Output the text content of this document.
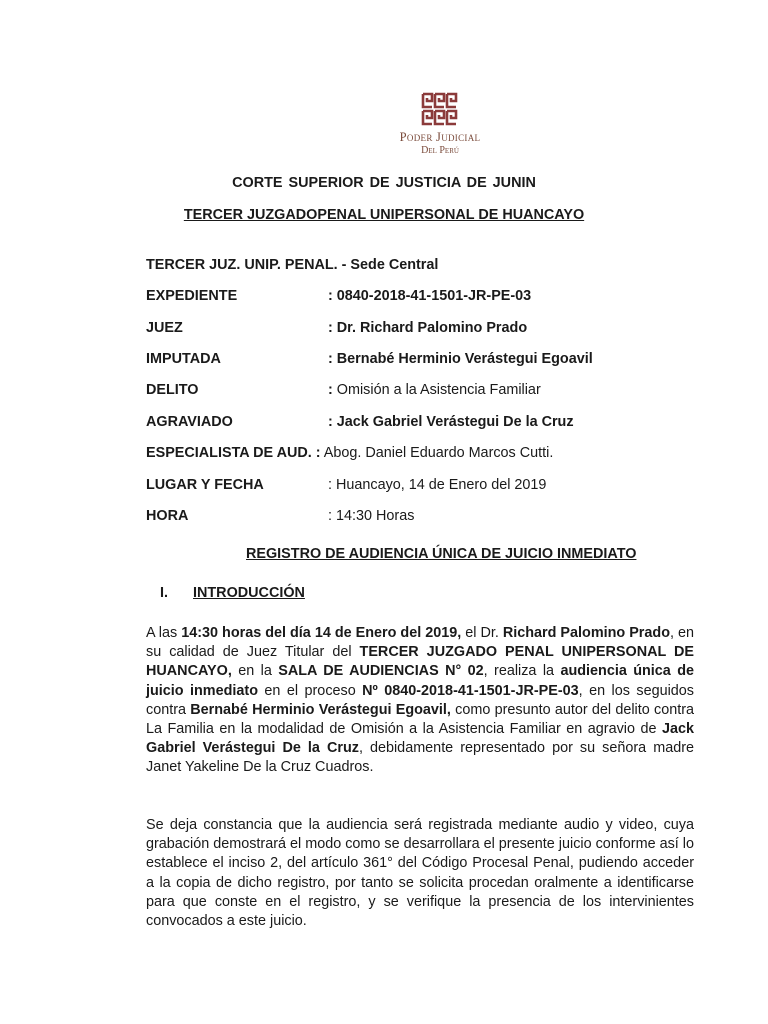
Poder Judicial
Del Perú
CORTE SUPERIOR DE JUSTICIA DE JUNIN
TERCER JUZGADOPENAL UNIPERSONAL DE HUANCAYO
TERCER JUZ. UNIP. PENAL. - Sede Central
EXPEDIENTE	: 0840-2018-41-1501-JR-PE-03
JUEZ	: Dr. Richard Palomino Prado
IMPUTADA	: Bernabé Herminio Verástegui Egoavil
DELITO	: Omisión a la Asistencia Familiar
AGRAVIADO	: Jack Gabriel Verástegui De la Cruz
ESPECIALISTA DE AUD. : Abog. Daniel Eduardo Marcos Cutti.
LUGAR Y FECHA	: Huancayo, 14 de Enero del 2019
HORA	: 14:30 Horas
REGISTRO DE AUDIENCIA ÚNICA DE JUICIO INMEDIATO
I. INTRODUCCIÓN
A las 14:30 horas del día 14 de Enero del 2019, el Dr. Richard Palomino Prado, en su calidad de Juez Titular del TERCER JUZGADO PENAL UNIPERSONAL DE HUANCAYO, en la SALA DE AUDIENCIAS N° 02, realiza la audiencia única de juicio inmediato en el proceso Nº 0840-2018-41-1501-JR-PE-03, en los seguidos contra Bernabé Herminio Verástegui Egoavil, como presunto autor del delito contra La Familia en la modalidad de Omisión a la Asistencia Familiar en agravio de Jack Gabriel Verástegui De la Cruz, debidamente representado por su señora madre Janet Yakeline De la Cruz Cuadros.
Se deja constancia que la audiencia será registrada mediante audio y video, cuya grabación demostrará el modo como se desarrollara el presente juicio conforme así lo establece el inciso 2, del artículo 361° del Código Procesal Penal, pudiendo acceder a la copia de dicho registro, por tanto se solicita procedan oralmente a identificarse para que conste en el registro, y se verifique la presencia de los intervinientes convocados a este juicio.
